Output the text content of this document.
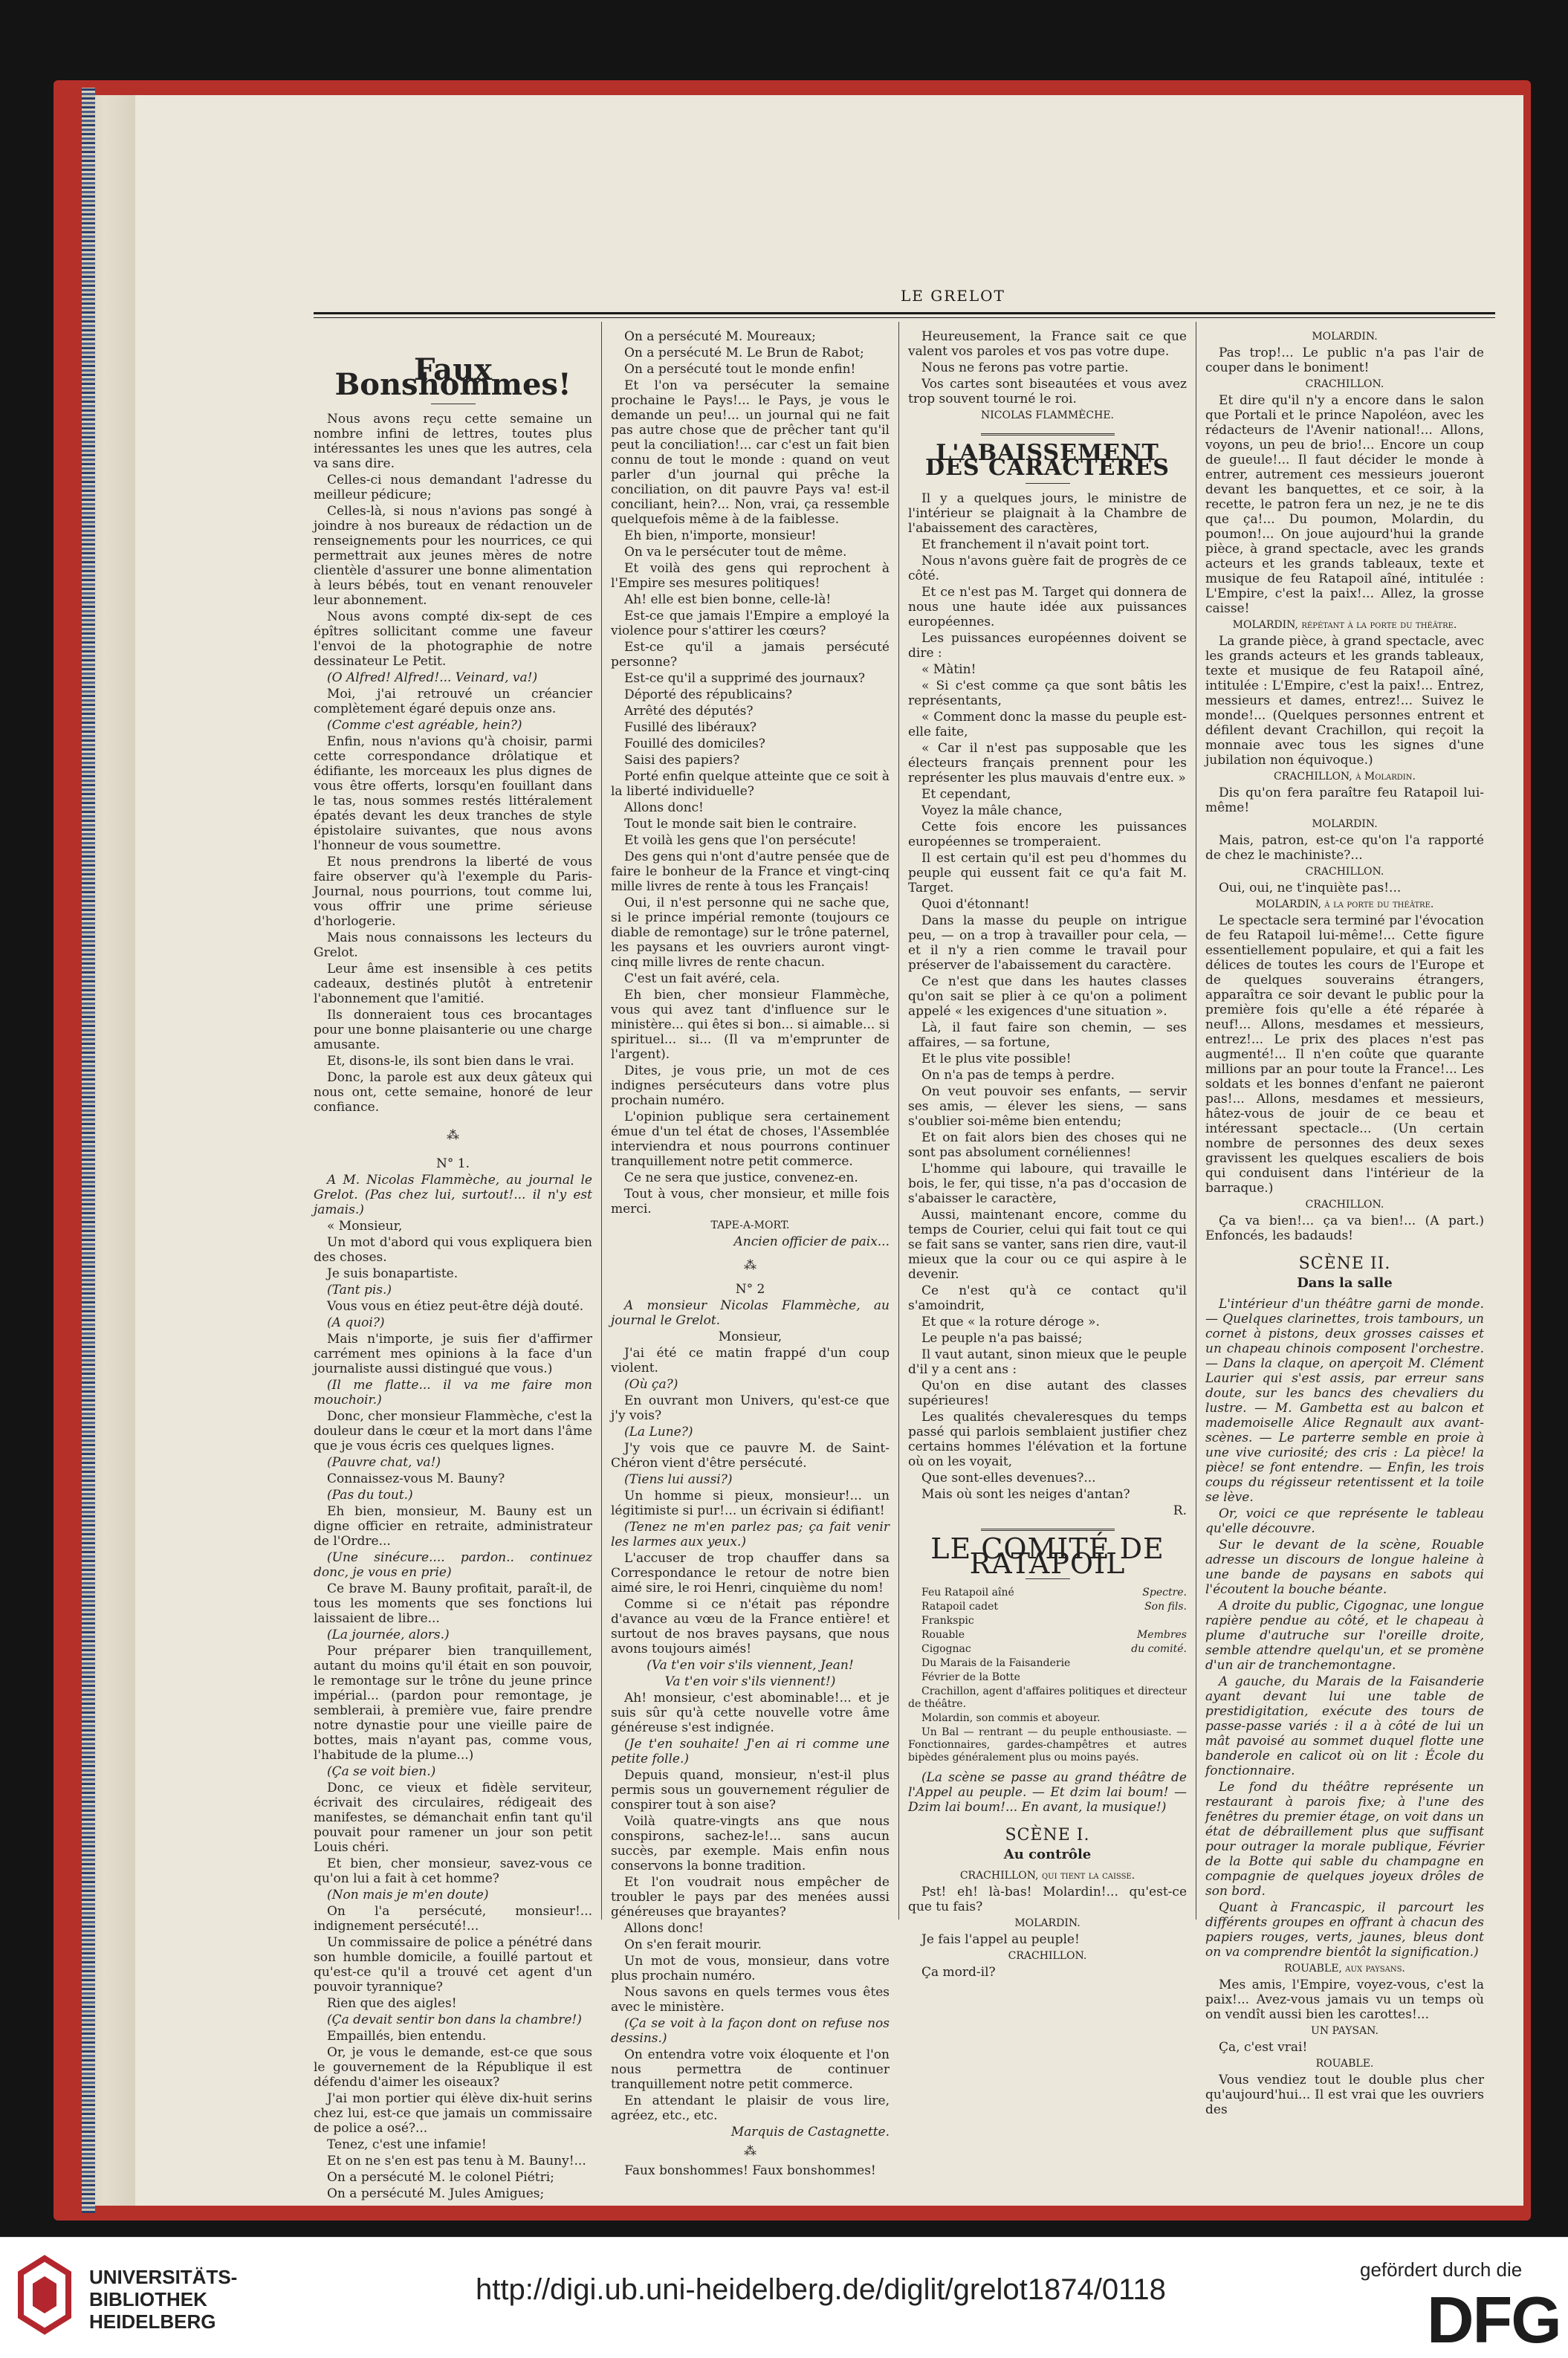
LE GRELOT
Faux Bonshommes!

Nous avons reçu cette semaine un nombre infini de lettres, toutes plus intéressantes les unes que les autres, cela va sans dire.

Celles-ci nous demandant l'adresse du meilleur pédicure;

Celles-là, si nous n'avions pas songé à joindre à nos bureaux de rédaction un de renseignements pour les nourrices, ce qui permettrait aux jeunes mères de notre clientèle d'assurer une bonne alimentation à leurs bébés, tout en venant renouveler leur abonnement.

Nous avons compté dix-sept de ces épîtres sollicitant comme une faveur l'envoi de la photographie de notre dessinateur Le Petit.

(O Alfred! Alfred!... Veinard, va!)

Moi, j'ai retrouvé un créancier complètement égaré depuis onze ans.

(Comme c'est agréable, hein?)

Enfin, nous n'avions qu'à choisir, parmi cette correspondance drôlatique et édifiante, les morceaux les plus dignes de vous être offerts, lorsqu'en fouillant dans le tas, nous sommes restés littéralement épatés devant les deux tranches de style épistolaire suivantes, que nous avons l'honneur de vous soumettre.

Et nous prendrons la liberté de vous faire observer qu'à l'exemple du Paris-Journal, nous pourrions, tout comme lui, vous offrir une prime sérieuse d'horlogerie.

Mais nous connaissons les lecteurs du Grelot.

Leur âme est insensible à ces petits cadeaux, destinés plutôt à entretenir l'abonnement que l'amitié.

Ils donneraient tous ces brocantages pour une bonne plaisanterie ou une charge amusante.

Et, disons-le, ils sont bien dans le vrai.

Donc, la parole est aux deux gâteux qui nous ont, cette semaine, honoré de leur confiance.

⁂

N° 1.

A M. Nicolas Flammèche, au journal le Grelot. (Pas chez lui, surtout!... il n'y est jamais.)

« Monsieur,

Un mot d'abord qui vous expliquera bien des choses.

Je suis bonapartiste.

(Tant pis.)

Vous vous en étiez peut-être déjà douté.

(A quoi?)

Mais n'importe, je suis fier d'affirmer carrément mes opinions à la face d'un journaliste aussi distingué que vous.)

(Il me flatte... il va me faire mon mouchoir.)

Donc, cher monsieur Flammèche, c'est la douleur dans le cœur et la mort dans l'âme que je vous écris ces quelques lignes.

(Pauvre chat, va!)

Connaissez-vous M. Bauny?

(Pas du tout.)

Eh bien, monsieur, M. Bauny est un digne officier en retraite, administrateur de l'Ordre...

(Une sinécure.... pardon.. continuez donc, je vous en prie)

Ce brave M. Bauny profitait, paraît-il, de tous les moments que ses fonctions lui laissaient de libre...

(La journée, alors.)

Pour préparer bien tranquillement, autant du moins qu'il était en son pouvoir, le remontage sur le trône du jeune prince impérial... (pardon pour remontage, je sembleraii, à première vue, faire prendre notre dynastie pour une vieille paire de bottes, mais n'ayant pas, comme vous, l'habitude de la plume...)

(Ça se voit bien.)

Donc, ce vieux et fidèle serviteur, écrivait des circulaires, rédigeait des manifestes, se démanchait enfin tant qu'il pouvait pour ramener un jour son petit Louis chéri.

Et bien, cher monsieur, savez-vous ce qu'on lui a fait à cet homme?

(Non mais je m'en doute)

On l'a persécuté, monsieur!... indignement persécuté!...

Un commissaire de police a pénétré dans son humble domicile, a fouillé partout et qu'est-ce qu'il a trouvé cet agent d'un pouvoir tyrannique?

Rien que des aigles!

(Ça devait sentir bon dans la chambre!)

Empaillés, bien entendu.

Or, je vous le demande, est-ce que sous le gouvernement de la République il est défendu d'aimer les oiseaux?

J'ai mon portier qui élève dix-huit serins chez lui, est-ce que jamais un commissaire de police a osé?...

Tenez, c'est une infamie!

Et on ne s'en est pas tenu à M. Bauny!...

On a persécuté M. le colonel Piétri;

On a persécuté M. Jules Amigues;

On a persécuté M. Moureaux;

On a persécuté M. Le Brun de Rabot;

On a persécuté tout le monde enfin!

Et l'on va persécuter la semaine prochaine le Pays!... le Pays, je vous le demande un peu!... un journal qui ne fait pas autre chose que de prêcher tant qu'il peut la conciliation!... car c'est un fait bien connu de tout le monde : quand on veut parler d'un journal qui prêche la conciliation, on dit pauvre Pays va! est-il conciliant, hein?... Non, vrai, ça ressemble quelquefois même à de la faiblesse.

Eh bien, n'importe, monsieur!

On va le persécuter tout de même.

Et voilà des gens qui reprochent à l'Empire ses mesures politiques!

Ah! elle est bien bonne, celle-là!

Est-ce que jamais l'Empire a employé la violence pour s'attirer les cœurs?

Est-ce qu'il a jamais persécuté personne?

Est-ce qu'il a supprimé des journaux?

Déporté des républicains?

Arrêté des députés?

Fusillé des libéraux?

Fouillé des domiciles?

Saisi des papiers?

Porté enfin quelque atteinte que ce soit à la liberté individuelle?

Allons donc!

Tout le monde sait bien le contraire.

Et voilà les gens que l'on persécute!

Des gens qui n'ont d'autre pensée que de faire le bonheur de la France et vingt-cinq mille livres de rente à tous les Français!

Oui, il n'est personne qui ne sache que, si le prince impérial remonte (toujours ce diable de remontage) sur le trône paternel, les paysans et les ouvriers auront vingt-cinq mille livres de rente chacun.

C'est un fait avéré, cela.

Eh bien, cher monsieur Flammèche, vous qui avez tant d'influence sur le ministère... qui êtes si bon... si aimable... si spirituel... si... (Il va m'emprunter de l'argent).

Dites, je vous prie, un mot de ces indignes persécuteurs dans votre plus prochain numéro.

L'opinion publique sera certainement émue d'un tel état de choses, l'Assemblée interviendra et nous pourrons continuer tranquillement notre petit commerce.

Ce ne sera que justice, convenez-en.

Tout à vous, cher monsieur, et mille fois merci.

TAPE-A-MORT.

Ancien officier de paix...

⁂

N° 2

A monsieur Nicolas Flammèche, au journal le Grelot.

Monsieur,

J'ai été ce matin frappé d'un coup violent.

(Où ça?)

En ouvrant mon Univers, qu'est-ce que j'y vois?

(La Lune?)

J'y vois que ce pauvre M. de Saint-Chéron vient d'être persécuté.

(Tiens lui aussi?)

Un homme si pieux, monsieur!... un légitimiste si pur!... un écrivain si édifiant!

(Tenez ne m'en parlez pas; ça fait venir les larmes aux yeux.)

L'accuser de trop chauffer dans sa Correspondance le retour de notre bien aimé sire, le roi Henri, cinquième du nom!

Comme si ce n'était pas répondre d'avance au vœu de la France entière! et surtout de nos braves paysans, que nous avons toujours aimés!

(Va t'en voir s'ils viennent, Jean!

Va t'en voir s'ils viennent!)

Ah! monsieur, c'est abominable!... et je suis sûr qu'à cette nouvelle votre âme généreuse s'est indignée.

(Je t'en souhaite! J'en ai ri comme une petite folle.)

Depuis quand, monsieur, n'est-il plus permis sous un gouvernement régulier de conspirer tout à son aise?

Voilà quatre-vingts ans que nous conspirons, sachez-le!... sans aucun succès, par exemple. Mais enfin nous conservons la bonne tradition.

Et l'on voudrait nous empêcher de troubler le pays par des menées aussi généreuses que brayantes?

Allons donc!

On s'en ferait mourir.

Un mot de vous, monsieur, dans votre plus prochain numéro.

Nous savons en quels termes vous êtes avec le ministère.

(Ça se voit à la façon dont on refuse nos dessins.)

On entendra votre voix éloquente et l'on nous permettra de continuer tranquillement notre petit commerce.

En attendant le plaisir de vous lire, agréez, etc., etc.

Marquis de Castagnette.

⁂

Faux bonshommes! Faux bonshommes!

Heureusement, la France sait ce que valent vos paroles et vos pas votre dupe.

Nous ne ferons pas votre partie.

Vos cartes sont biseautées et vous avez trop souvent tourné le roi.

NICOLAS FLAMMÈCHE.

L'ABAISSEMENT DES CARACTÈRES

Il y a quelques jours, le ministre de l'intérieur se plaignait à la Chambre de l'abaissement des caractères,

Et franchement il n'avait point tort.

Nous n'avons guère fait de progrès de ce côté.

Et ce n'est pas M. Target qui donnera de nous une haute idée aux puissances européennes.

Les puissances européennes doivent se dire :

« Màtin!

« Si c'est comme ça que sont bâtis les représentants,

« Comment donc la masse du peuple est-elle faite,

« Car il n'est pas supposable que les électeurs français prennent pour les représenter les plus mauvais d'entre eux. »

Et cependant,

Voyez la mâle chance,

Cette fois encore les puissances européennes se tromperaient.

Il est certain qu'il est peu d'hommes du peuple qui eussent fait ce qu'a fait M. Target.

Quoi d'étonnant!

Dans la masse du peuple on intrigue peu, — on a trop à travailler pour cela, — et il n'y a rien comme le travail pour préserver de l'abaissement du caractère.

Ce n'est que dans les hautes classes qu'on sait se plier à ce qu'on a poliment appelé « les exigences d'une situation ».

Là, il faut faire son chemin, — ses affaires, — sa fortune,

Et le plus vite possible!

On n'a pas de temps à perdre.

On veut pouvoir ses enfants, — servir ses amis, — élever les siens, — sans s'oublier soi-même bien entendu;

Et on fait alors bien des choses qui ne sont pas absolument cornéliennes!

L'homme qui laboure, qui travaille le bois, le fer, qui tisse, n'a pas d'occasion de s'abaisser le caractère,

Aussi, maintenant encore, comme du temps de Courier, celui qui fait tout ce qui se fait sans se vanter, sans rien dire, vaut-il mieux que la cour ou ce qui aspire à le devenir.

Ce n'est qu'à ce contact qu'il s'amoindrit,

Et que « la roture déroge ».

Le peuple n'a pas baissé;

Il vaut autant, sinon mieux que le peuple d'il y a cent ans :

Qu'on en dise autant des classes supérieures!

Les qualités chevaleresques du temps passé qui parlois semblaient justifier chez certains hommes l'élévation et la fortune où on les voyait,

Que sont-elles devenues?...

Mais où sont les neiges d'antan?

R.

LE COMITÉ DE RATAPOIL

Feu Ratapoil aîné	Spectre.

Ratapoil cadet	Son fils.

Frankspic

Rouable	Membres

Cigognac	du comité.

Du Marais de la Faisanderie

Février de la Botte

Crachillon, agent d'affaires politiques et directeur de théâtre.

Molardin, son commis et aboyeur.

Un Bal — rentrant — du peuple enthousiaste. — Fonctionnaires, gardes-champêtres et autres bipèdes généralement plus ou moins payés.

(La scène se passe au grand théâtre de l'Appel au peuple. — Et dzim lai boum! — Dzim lai boum!... En avant, la musique!)

SCÈNE I.
Au contrôle

CRACHILLON, qui tient la caisse.

Pst! eh! là-bas! Molardin!... qu'est-ce que tu fais?

MOLARDIN.

Je fais l'appel au peuple!

CRACHILLON.

Ça mord-il?

MOLARDIN.

Pas trop!... Le public n'a pas l'air de couper dans le boniment!

CRACHILLON.

Et dire qu'il n'y a encore dans le salon que Portali et le prince Napoléon, avec les rédacteurs de l'Avenir national!... Allons, voyons, un peu de brio!... Encore un coup de gueule!... Il faut décider le monde à entrer, autrement ces messieurs joueront devant les banquettes, et ce soir, à la recette, le patron fera un nez, je ne te dis que ça!... Du poumon, Molardin, du poumon!... On joue aujourd'hui la grande pièce, à grand spectacle, avec les grands acteurs et les grands tableaux, texte et musique de feu Ratapoil aîné, intitulée : L'Empire, c'est la paix!... Allez, la grosse caisse!

MOLARDIN, répétant à la porte du théâtre.

La grande pièce, à grand spectacle, avec les grands acteurs et les grands tableaux, texte et musique de feu Ratapoil aîné, intitulée : L'Empire, c'est la paix!... Entrez, messieurs et dames, entrez!... Suivez le monde!... (Quelques personnes entrent et défilent devant Crachillon, qui reçoit la monnaie avec tous les signes d'une jubilation non équivoque.)

CRACHILLON, à Molardin.

Dis qu'on fera paraître feu Ratapoil lui-même!

MOLARDIN.

Mais, patron, est-ce qu'on l'a rapporté de chez le machiniste?...

CRACHILLON.

Oui, oui, ne t'inquiète pas!...

MOLARDIN, à la porte du théâtre.

Le spectacle sera terminé par l'évocation de feu Ratapoil lui-même!... Cette figure essentiellement populaire, et qui a fait les délices de toutes les cours de l'Europe et de quelques souverains étrangers, apparaîtra ce soir devant le public pour la première fois qu'elle a été réparée à neuf!... Allons, mesdames et messieurs, entrez!... Le prix des places n'est pas augmenté!... Il n'en coûte que quarante millions par an pour toute la France!... Les soldats et les bonnes d'enfant ne paieront pas!... Allons, mesdames et messieurs, hâtez-vous de jouir de ce beau et intéressant spectacle... (Un certain nombre de personnes des deux sexes gravissent les quelques escaliers de bois qui conduisent dans l'intérieur de la barraque.)

CRACHILLON.

Ça va bien!... ça va bien!... (A part.) Enfoncés, les badauds!

SCÈNE II.
Dans la salle

L'intérieur d'un théâtre garni de monde. — Quelques clarinettes, trois tambours, un cornet à pistons, deux grosses caisses et un chapeau chinois composent l'orchestre. — Dans la claque, on aperçoit M. Clément Laurier qui s'est assis, par erreur sans doute, sur les bancs des chevaliers du lustre. — M. Gambetta est au balcon et mademoiselle Alice Regnault aux avant-scènes. — Le parterre semble en proie à une vive curiosité; des cris : La pièce! la pièce! se font entendre. — Enfin, les trois coups du régisseur retentissent et la toile se lève.

Or, voici ce que représente le tableau qu'elle découvre.

Sur le devant de la scène, Rouable adresse un discours de longue haleine à une bande de paysans en sabots qui l'écoutent la bouche béante.

A droite du public, Cigognac, une longue rapière pendue au côté, et le chapeau à plume d'autruche sur l'oreille droite, semble attendre quelqu'un, et se promène d'un air de tranchemontagne.

A gauche, du Marais de la Faisanderie ayant devant lui une table de prestidigitation, exécute des tours de passe-passe variés : il a à côté de lui un mât pavoisé au sommet duquel flotte une banderole en calicot où on lit : École du fonctionnaire.

Le fond du théâtre représente un restaurant à parois fixe; à l'une des fenêtres du premier étage, on voit dans un état de débraillement plus que suffisant pour outrager la morale publique, Février de la Botte qui sable du champagne en compagnie de quelques joyeux drôles de son bord.

Quant à Francaspic, il parcourt les différents groupes en offrant à chacun des papiers rouges, verts, jaunes, bleus dont on va comprendre bientôt la signification.)

ROUABLE, aux paysans.

Mes amis, l'Empire, voyez-vous, c'est la paix!... Avez-vous jamais vu un temps où on vendît aussi bien les carottes!...

UN PAYSAN.

Ça, c'est vrai!

ROUABLE.

Vous vendiez tout le double plus cher qu'aujourd'hui... Il est vrai que les ouvriers des

UNIVERSITÄTS-
BIBLIOTHEK
HEIDELBERG
http://digi.ub.uni-heidelberg.de/diglit/grelot1874/0118
gefördert durch die
DFG
